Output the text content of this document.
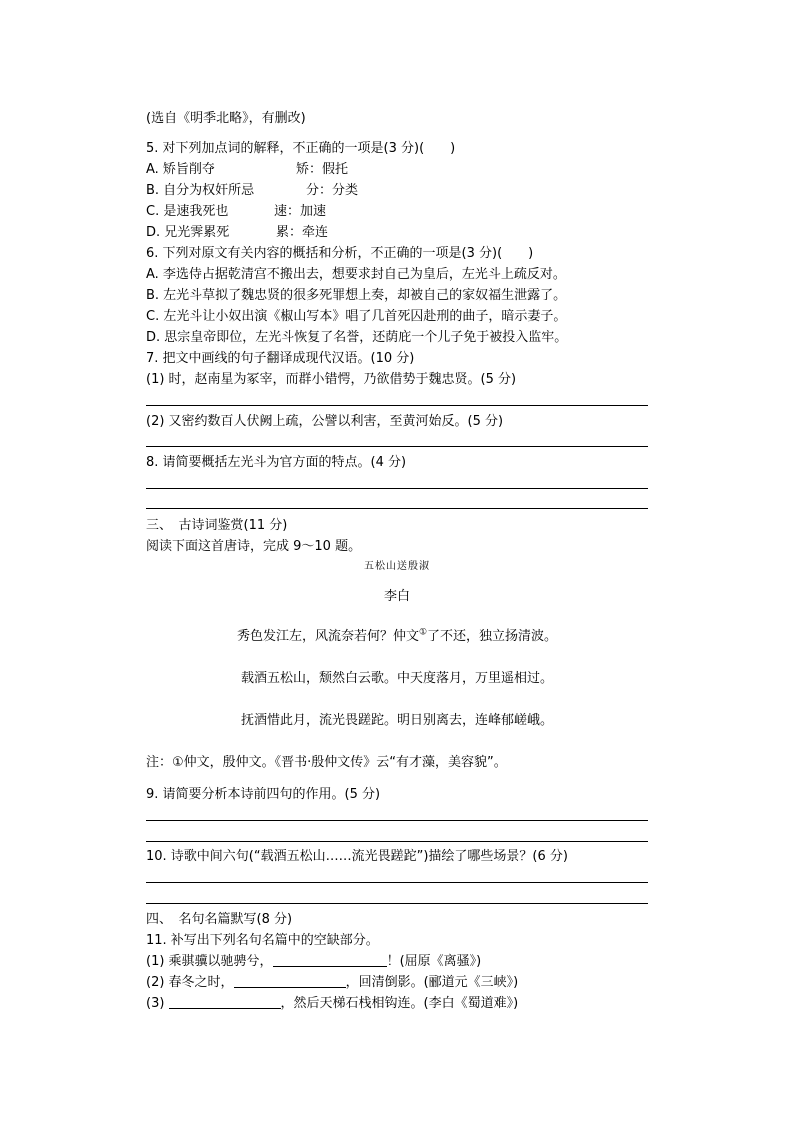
(选自《明季北略》，有删改)
5. 对下列加点词的解释，不正确的一项是(3 分)(　　)
A. 矫旨削夺	矫：假托
B. 自分为权奸所忌	分：分类
C. 是速我死也	速：加速
D. 兄光霁累死	累：牵连
6. 下列对原文有关内容的概括和分析，不正确的一项是(3 分)(　　)
A. 李选侍占据乾清宫不搬出去，想要求封自己为皇后，左光斗上疏反对。
B. 左光斗草拟了魏忠贤的很多死罪想上奏，却被自己的家奴福生泄露了。
C. 左光斗让小奴出演《椒山写本》唱了几首死囚赴刑的曲子，暗示妻子。
D. 思宗皇帝即位，左光斗恢复了名誉，还荫庇一个儿子免于被投入监牢。
7. 把文中画线的句子翻译成现代汉语。(10 分)
(1) 时，赵南星为冢宰，而群小错愕，乃欲借势于魏忠贤。(5 分)
(2) 又密约数百人伏阙上疏，公譬以利害，至黄河始反。(5 分)
8. 请简要概括左光斗为官方面的特点。(4 分)
三、　古诗词鉴赏(11 分)
阅读下面这首唐诗，完成 9～10 题。
五松山送殷淑
李白
秀色发江左，风流奈若何？仲文①了不还，独立扬清波。
载酒五松山，颓然白云歌。中天度落月，万里遥相过。
抚酒惜此月，流光畏蹉跎。明日别离去，连峰郁嵯峨。
注：①仲文，殷仲文。《晋书·殷仲文传》云“有才藻，美容貌”。
9. 请简要分析本诗前四句的作用。(5 分)
10. 诗歌中间六句(“载酒五松山……流光畏蹉跎”)描绘了哪些场景？(6 分)
四、　名句名篇默写(8 分)
11. 补写出下列名句名篇中的空缺部分。
(1) 乘骐骥以驰骋兮，	！(屈原《离骚》)
(2) 春冬之时，	，回清倒影。(郦道元《三峡》)
(3)	，然后天梯石栈相钩连。(李白《蜀道难》)
